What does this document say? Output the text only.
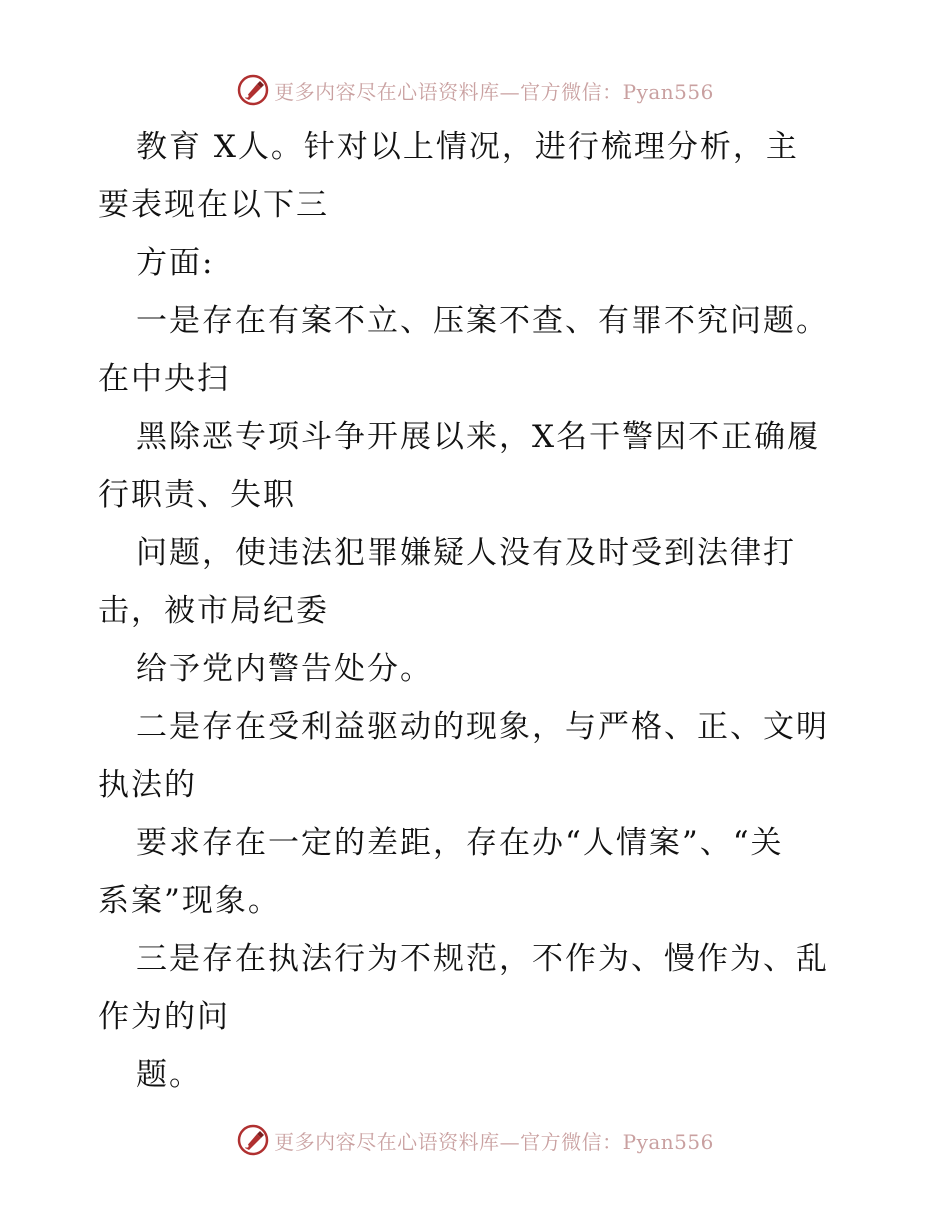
更多内容尽在心语资料库—官方微信：Pyan556
教育 X人。针对以上情况，进行梳理分析，主
要表现在以下三
方面:
一是存在有案不立、压案不查、有罪不究问题。
在中央扫
黑除恶专项斗争开展以来，X名干警因不正确履
行职责、失职
问题，使违法犯罪嫌疑人没有及时受到法律打
击，被市局纪委
给予党内警告处分。
二是存在受利益驱动的现象，与严格、正、文明
执法的
要求存在一定的差距，存在办“人情案”、“关
系案”现象。
三是存在执法行为不规范，不作为、慢作为、乱
作为的问
题。
更多内容尽在心语资料库—官方微信：Pyan556
